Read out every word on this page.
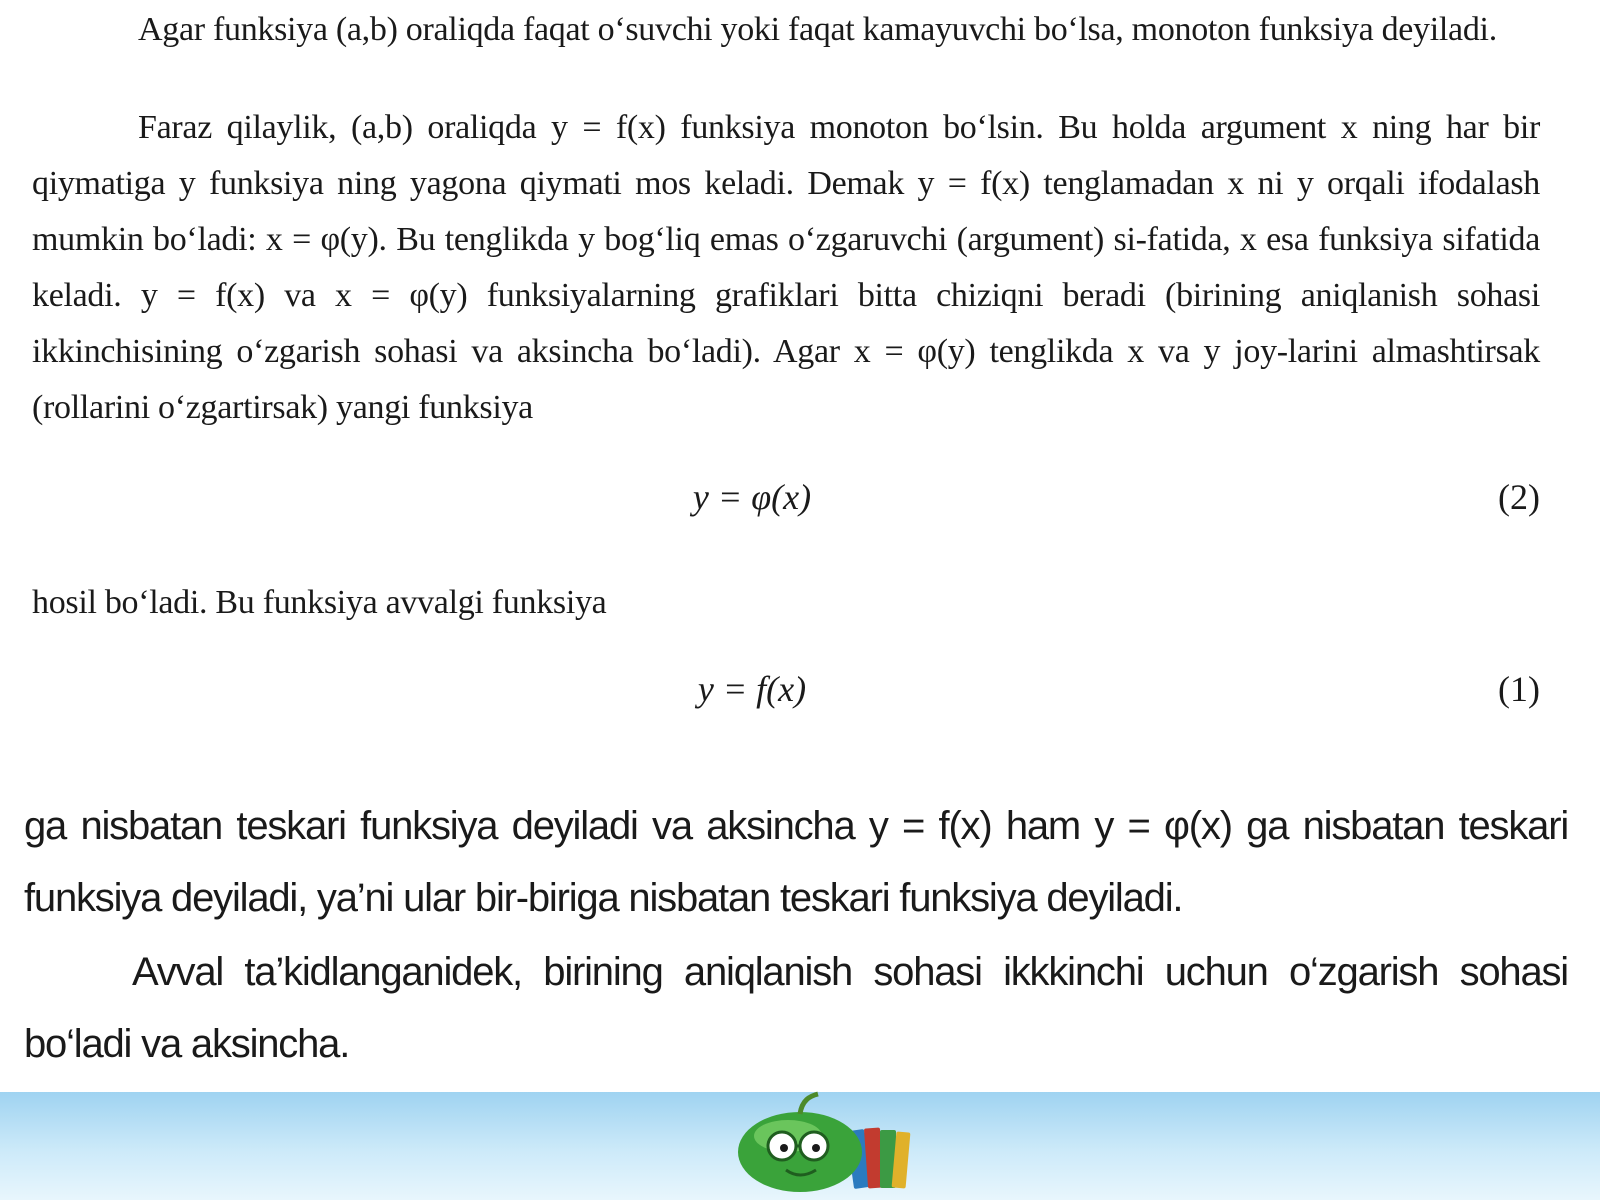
Agar funksiya (a,b) oraliqda faqat o‘suvchi yoki faqat kamayuvchi bo‘lsa, monoton funksiya deyiladi.
Faraz qilaylik, (a,b) oraliqda y = f(x) funksiya monoton bo‘lsin. Bu holda argument x ning har bir qiymatiga y funksiya ning yagona qiymati mos keladi. Demak y = f(x) tenglamadan x ni y orqali ifodalash mumkin bo‘ladi: x = φ(y). Bu tenglikda y bog‘liq emas o‘zgaruvchi (argument) si-fatida, x esa funksiya sifatida keladi. y = f(x) va x = φ(y) funksiyalarning grafiklari bitta chiziqni beradi (birining aniqlanish sohasi ikkinchisining o‘zgarish sohasi va aksincha bo‘ladi). Agar x = φ(y) tenglikda x va y joy-larini almashtirsak (rollarini o‘zgartirsak) yangi funksiya
y = φ(x)	(2)
hosil bo‘ladi. Bu funksiya avvalgi funksiya
y = f(x)	(1)
ga nisbatan teskari funksiya deyiladi va aksincha y = f(x) ham y = φ(x) ga nisbatan teskari funksiya deyiladi, ya’ni ular bir-biriga nisbatan teskari funksiya deyiladi.
Avval ta’kidlanganidek, birining aniqlanish sohasi ikkkinchi uchun o‘zgarish sohasi bo‘ladi va aksincha.
